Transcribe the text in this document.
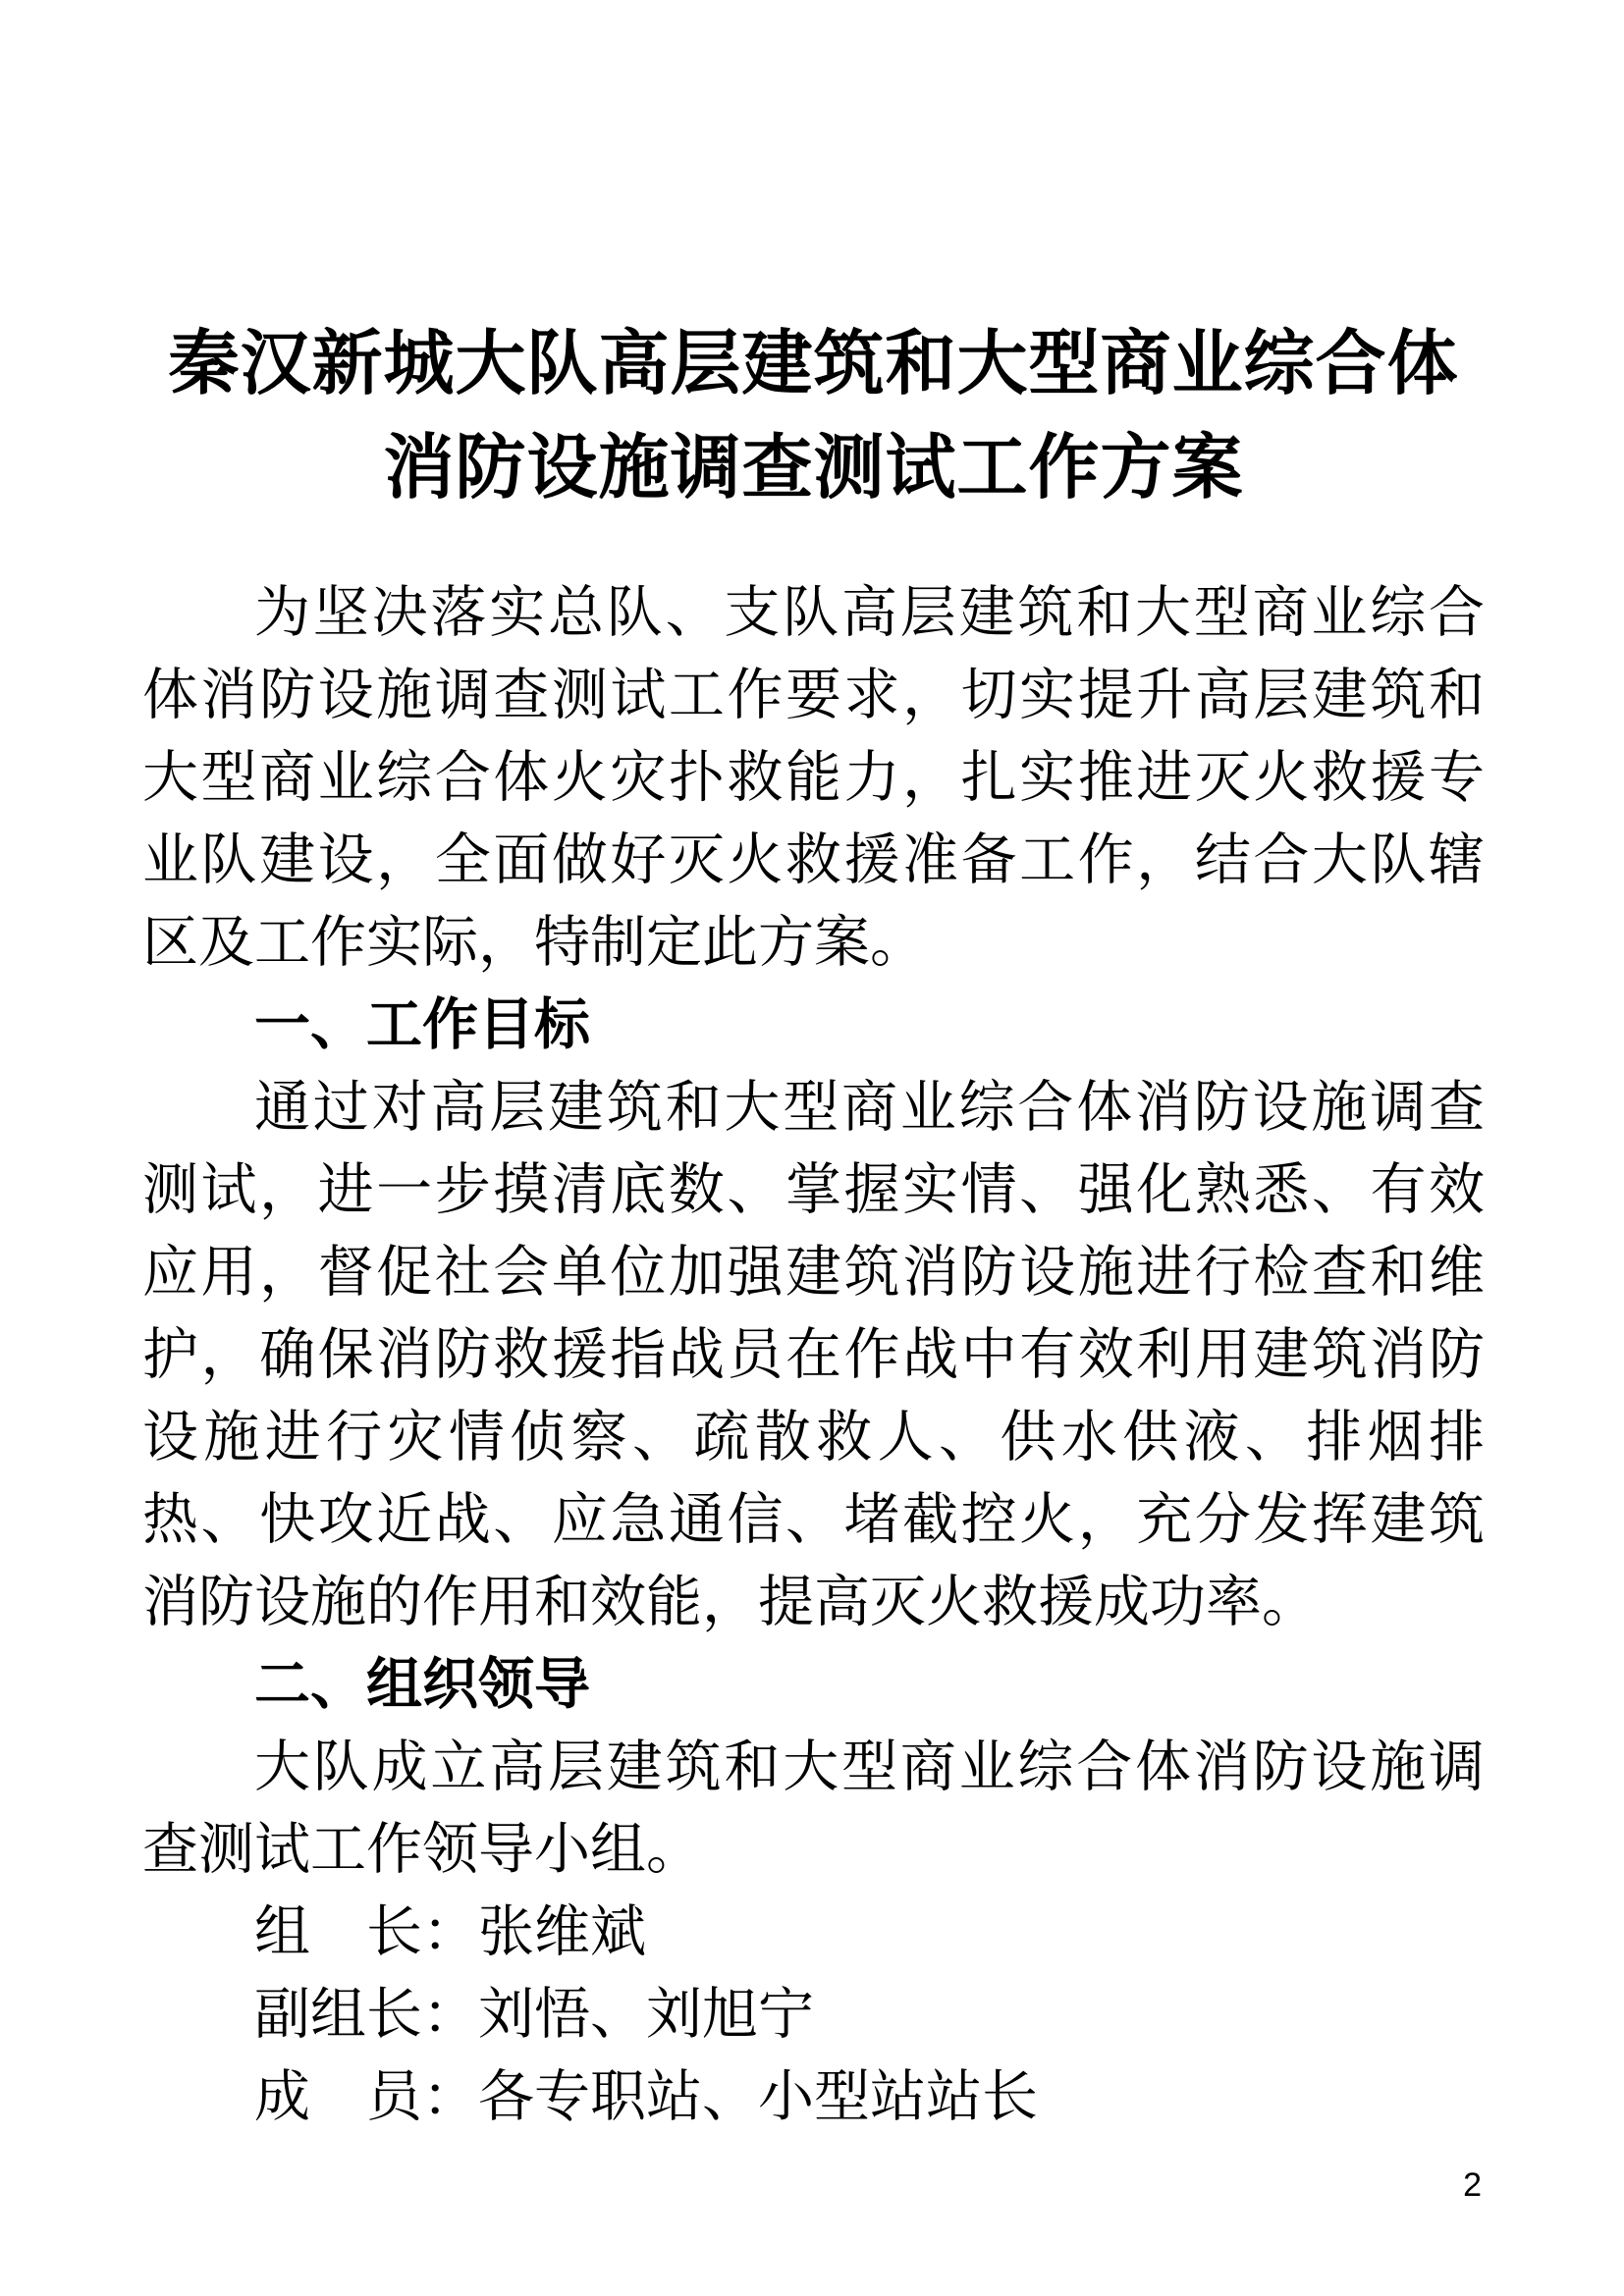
秦汉新城大队高层建筑和大型商业综合体
消防设施调查测试工作方案

为坚决落实总队、支队高层建筑和大型商业综合体消防设施调查测试工作要求，切实提升高层建筑和大型商业综合体火灾扑救能力，扎实推进灭火救援专业队建设，全面做好灭火救援准备工作，结合大队辖区及工作实际，特制定此方案。

一、工作目标

通过对高层建筑和大型商业综合体消防设施调查测试，进一步摸清底数、掌握实情、强化熟悉、有效应用，督促社会单位加强建筑消防设施进行检查和维护，确保消防救援指战员在作战中有效利用建筑消防设施进行灾情侦察、疏散救人、供水供液、排烟排热、快攻近战、应急通信、堵截控火，充分发挥建筑消防设施的作用和效能，提高灭火救援成功率。

二、组织领导

大队成立高层建筑和大型商业综合体消防设施调查测试工作领导小组。

组　长：张维斌

副组长：刘悟、刘旭宁

成　员：各专职站、小型站站长

2
